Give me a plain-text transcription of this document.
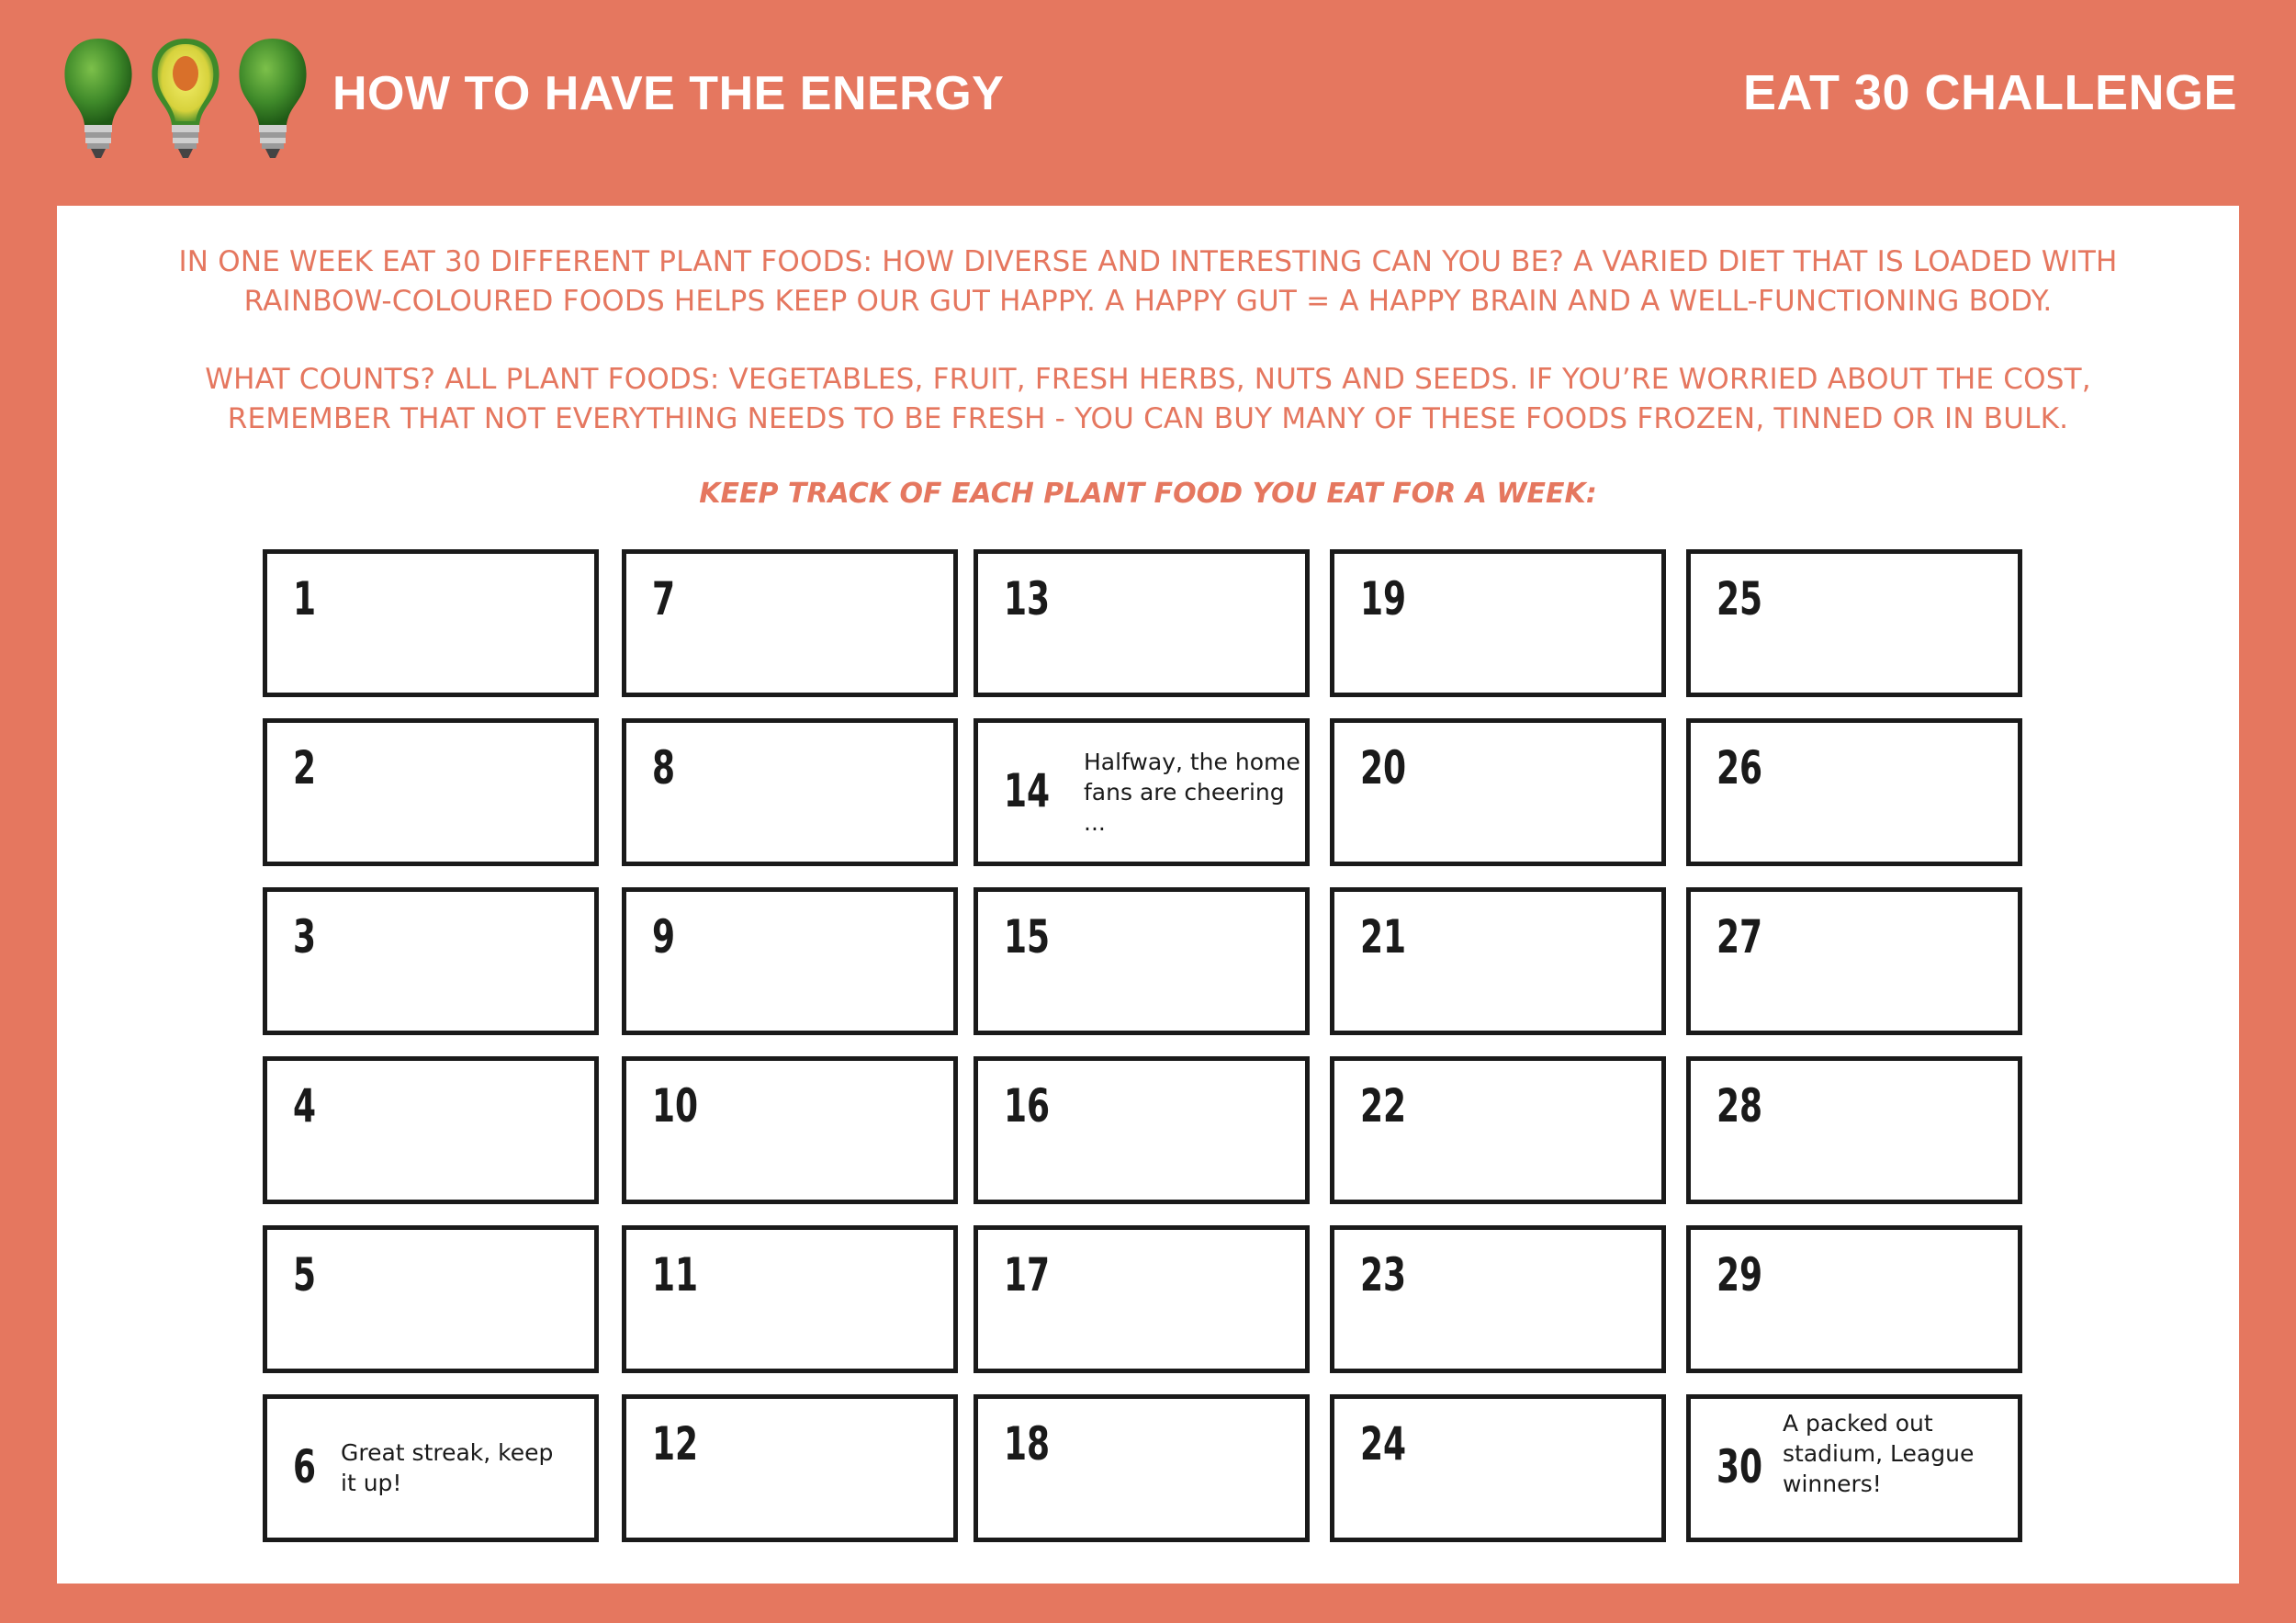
HOW TO HAVE THE ENERGY	EAT 30 CHALLENGE

IN ONE WEEK EAT 30 DIFFERENT PLANT FOODS: HOW DIVERSE AND INTERESTING CAN YOU BE? A VARIED DIET THAT IS LOADED WITH

RAINBOW-COLOURED FOODS HELPS KEEP OUR GUT HAPPY. A HAPPY GUT = A HAPPY BRAIN AND A WELL-FUNCTIONING BODY.

WHAT COUNTS? ALL PLANT FOODS: VEGETABLES, FRUIT, FRESH HERBS, NUTS AND SEEDS. IF YOU’RE WORRIED ABOUT THE COST,

REMEMBER THAT NOT EVERYTHING NEEDS TO BE FRESH - YOU CAN BUY MANY OF THESE FOODS FROZEN, TINNED OR IN BULK.

KEEP TRACK OF EACH PLANT FOOD YOU EAT FOR A WEEK:
1
2
3
4
5
6 Great streak, keep it up!
7
8
9
10
11
12
13
14
Halfway, the home fans are cheering ...
15
16
17
18
19
20
21
22
23
24
25
26
27
28
29
30
A packed out stadium, League winners!
